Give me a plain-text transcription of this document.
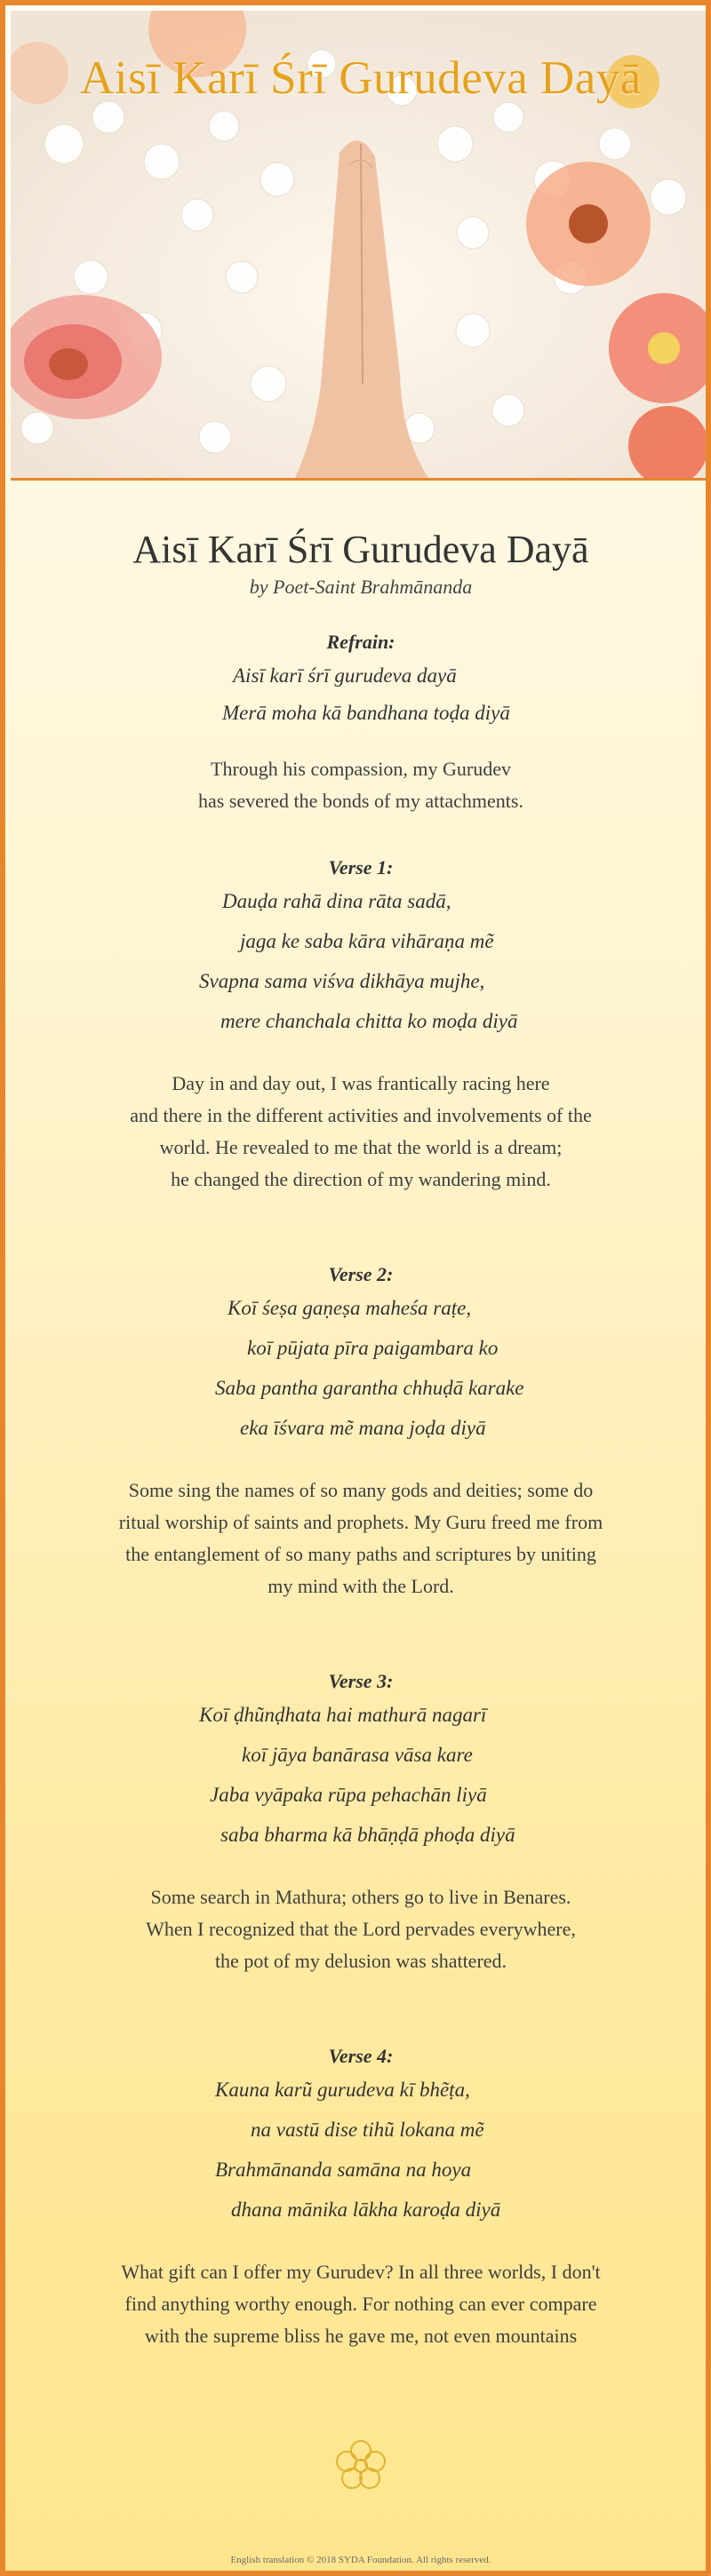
Aisī Karī Śrī Gurudeva Dayā
Aisī Karī Śrī Gurudeva Dayā
by Poet-Saint Brahmānanda
Refrain:
Aisī karī śrī gurudeva dayā
Merā moha kā bandhana toḍa diyā
Through his compassion, my Gurudev
has severed the bonds of my attachments.
Verse 1:
Dauḍa rahā dina rāta sadā,
jaga ke saba kāra vihāraṇa mẽ
Svapna sama viśva dikhāya mujhe,
mere chanchala chitta ko moḍa diyā
Day in and day out, I was frantically racing here
and there in the different activities and involvements of the
world. He revealed to me that the world is a dream;
he changed the direction of my wandering mind.
Verse 2:
Koī śeṣa gaṇeṣa maheśa raṭe,
koī pūjata pīra paigambara ko
Saba pantha garantha chhuḍā karake
eka īśvara mẽ mana joḍa diyā
Some sing the names of so many gods and deities; some do
ritual worship of saints and prophets. My Guru freed me from
the entanglement of so many paths and scriptures by uniting
my mind with the Lord.
Verse 3:
Koī ḍhũnḍhata hai mathurā nagarī
koī jāya banārasa vāsa kare
Jaba vyāpaka rūpa pehachān liyā
saba bharma kā bhāṇḍā phoḍa diyā
Some search in Mathura; others go to live in Benares.
When I recognized that the Lord pervades everywhere,
the pot of my delusion was shattered.
Verse 4:
Kauna karũ gurudeva kī bhẽṭa,
na vastū dise tihũ lokana mẽ
Brahmānanda samāna na hoya
dhana mānika lākha karoḍa diyā
What gift can I offer my Gurudev? In all three worlds, I don't
find anything worthy enough. For nothing can ever compare
with the supreme bliss he gave me, not even mountains
English translation © 2018 SYDA Foundation. All rights reserved.
